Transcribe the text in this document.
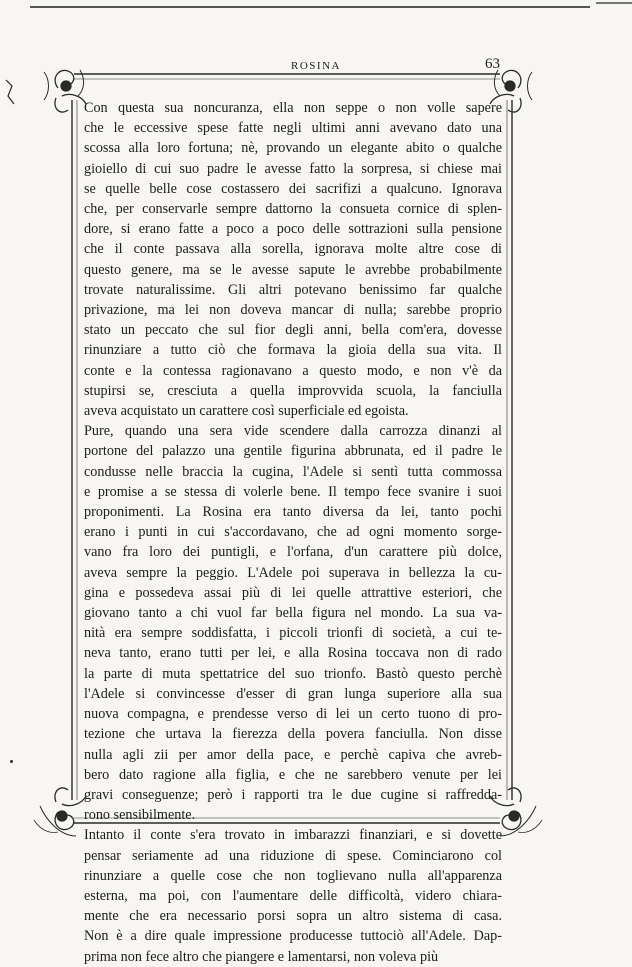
ROSINA	63

Con questa sua noncuranza, ella non seppe o non volle sapere
che le eccessive spese fatte negli ultimi anni avevano dato una
scossa alla loro fortuna; nè, provando un elegante abito o qualche
gioiello di cui suo padre le avesse fatto la sorpresa, si chiese mai
se quelle belle cose costassero dei sacrifizi a qualcuno. Ignorava
che, per conservarle sempre dattorno la consueta cornice di splen-
dore, si erano fatte a poco a poco delle sottrazioni sulla pensione
che il conte passava alla sorella, ignorava molte altre cose di
questo genere, ma se le avesse sapute le avrebbe probabilmente
trovate naturalissime. Gli altri potevano benissimo far qualche
privazione, ma lei non doveva mancar di nulla; sarebbe proprio
stato un peccato che sul fior degli anni, bella com'era, dovesse
rinunziare a tutto ciò che formava la gioia della sua vita. Il
conte e la contessa ragionavano a questo modo, e non v'è da
stupirsi se, cresciuta a quella improvvida scuola, la fanciulla
aveva acquistato un carattere così superficiale ed egoista.

Pure, quando una sera vide scendere dalla carrozza dinanzi al
portone del palazzo una gentile figurina abbrunata, ed il padre le
condusse nelle braccia la cugina, l'Adele si sentì tutta commossa
e promise a se stessa di volerle bene. Il tempo fece svanire i suoi
proponimenti. La Rosina era tanto diversa da lei, tanto pochi
erano i punti in cui s'accordavano, che ad ogni momento sorge-
vano fra loro dei puntigli, e l'orfana, d'un carattere più dolce,
aveva sempre la peggio. L'Adele poi superava in bellezza la cu-
gina e possedeva assai più di lei quelle attrattive esteriori, che
giovano tanto a chi vuol far bella figura nel mondo. La sua va-
nità era sempre soddisfatta, i piccoli trionfi di società, a cui te-
neva tanto, erano tutti per lei, e alla Rosina toccava non di rado
la parte di muta spettatrice del suo trionfo. Bastò questo perchè
l'Adele si convincesse d'esser di gran lunga superiore alla sua
nuova compagna, e prendesse verso di lei un certo tuono di pro-
tezione che urtava la fierezza della povera fanciulla. Non disse
nulla agli zii per amor della pace, e perchè capiva che avreb-
bero dato ragione alla figlia, e che ne sarebbero venute per lei
gravi conseguenze; però i rapporti tra le due cugine si raffredda-
rono sensibilmente.

Intanto il conte s'era trovato in imbarazzi finanziari, e si dovette
pensar seriamente ad una riduzione di spese. Cominciarono col
rinunziare a quelle cose che non toglievano nulla all'apparenza
esterna, ma poi, con l'aumentare delle difficoltà, videro chiara-
mente che era necessario porsi sopra un altro sistema di casa.
Non è a dire quale impressione producesse tuttociò all'Adele. Dap-
prima non fece altro che piangere e lamentarsi, non voleva più
